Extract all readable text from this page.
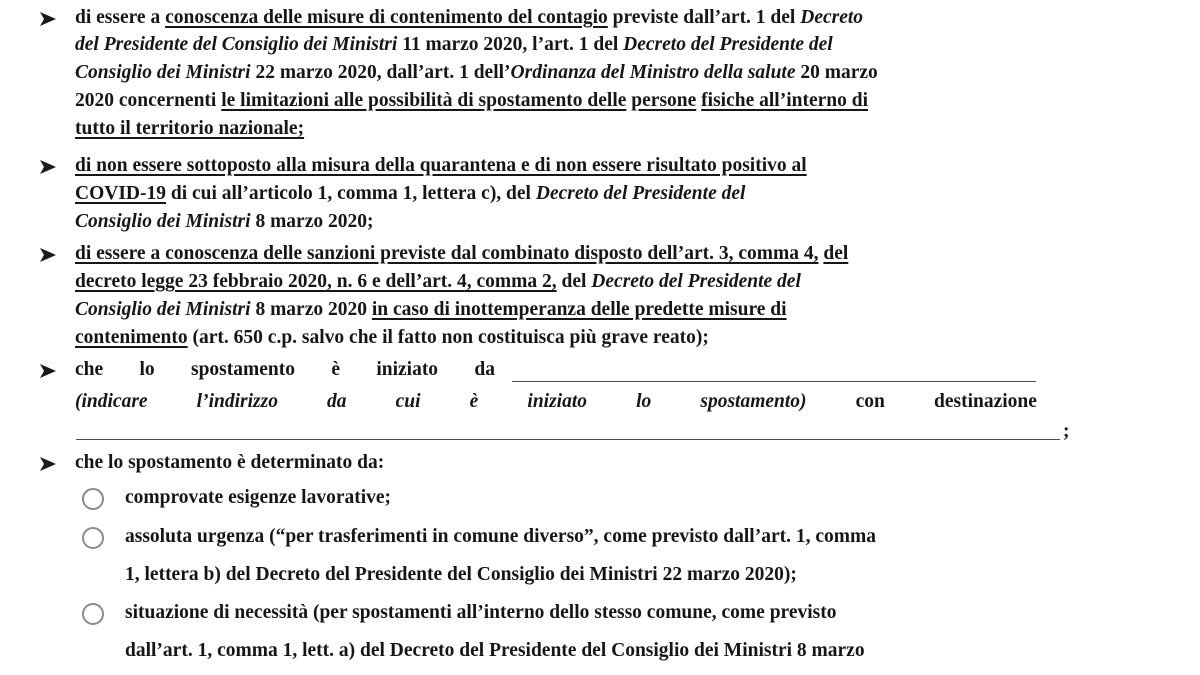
di essere a conoscenza delle misure di contenimento del contagio previste dall’art. 1 del Decreto
del Presidente del Consiglio dei Ministri 11 marzo 2020, l’art. 1 del Decreto del Presidente del
Consiglio dei Ministri 22 marzo 2020, dall’art. 1 dell’Ordinanza del Ministro della salute 20 marzo
2020 concernenti le limitazioni alle possibilità di spostamento delle persone fisiche all’interno di
tutto il territorio nazionale;
di non essere sottoposto alla misura della quarantena e di non essere risultato positivo al
COVID-19 di cui all’articolo 1, comma 1, lettera c), del Decreto del Presidente del
Consiglio dei Ministri 8 marzo 2020;
di essere a conoscenza delle sanzioni previste dal combinato disposto dell’art. 3, comma 4, del
decreto legge 23 febbraio 2020, n. 6 e dell’art. 4, comma 2, del Decreto del Presidente del
Consiglio dei Ministri 8 marzo 2020 in caso di inottemperanza delle predette misure di
contenimento (art. 650 c.p. salvo che il fatto non costituisca più grave reato);
che lo spostamento è iniziato da
(indicare	l’indirizzo	da	cui	è	iniziato	lo	spostamento)	con	destinazione
;
che lo spostamento è determinato da:
comprovate esigenze lavorative;
assoluta urgenza (“per trasferimenti in comune diverso”, come previsto dall’art. 1, comma
1, lettera b) del Decreto del Presidente del Consiglio dei Ministri 22 marzo 2020);
situazione di necessità (per spostamenti all’interno dello stesso comune, come previsto
dall’art. 1, comma 1, lett. a) del Decreto del Presidente del Consiglio dei Ministri 8 marzo
